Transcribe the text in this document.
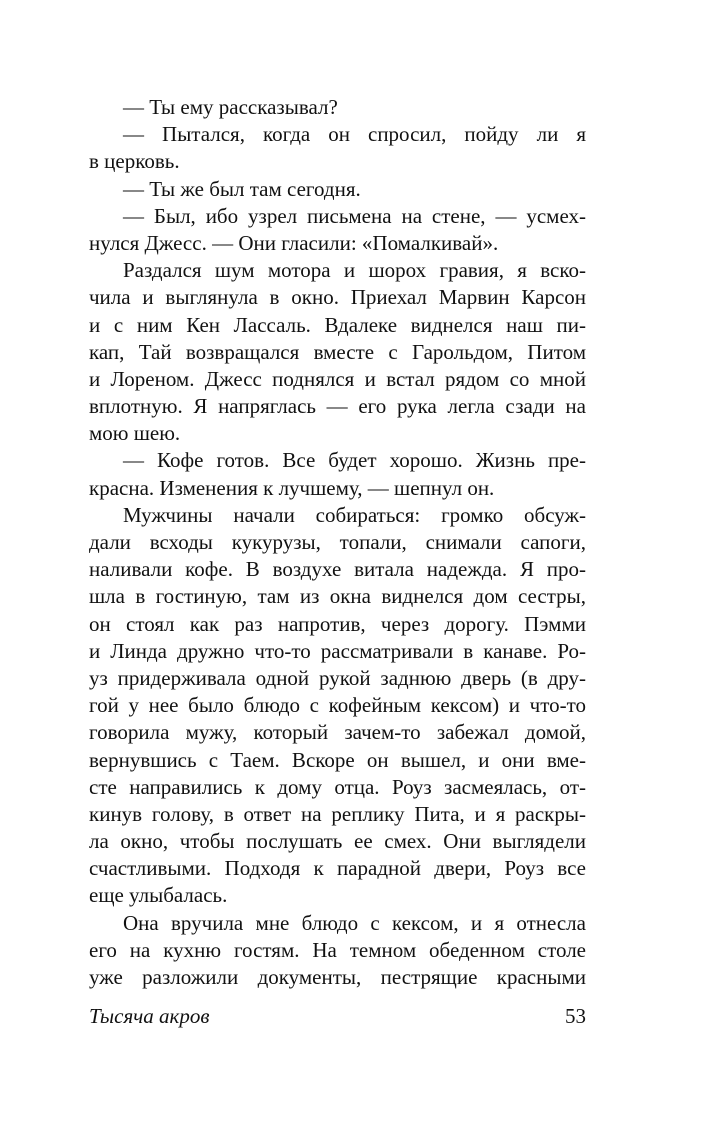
— Ты ему рассказывал?
— Пытался, когда он спросил, пойду ли я
в церковь.
— Ты же был там сегодня.
— Был, ибо узрел письмена на стене, — усмех-
нулся Джесс. — Они гласили: «Помалкивай».
Раздался шум мотора и шорох гравия, я вско-
чила и выглянула в окно. Приехал Марвин Карсон
и с ним Кен Лассаль. Вдалеке виднелся наш пи-
кап, Тай возвращался вместе с Гарольдом, Питом
и Лореном. Джесс поднялся и встал рядом со мной
вплотную. Я напряглась — его рука легла сзади на
мою шею.
— Кофе готов. Все будет хорошо. Жизнь пре-
красна. Изменения к лучшему, — шепнул он.
Мужчины начали собираться: громко обсуж-
дали всходы кукурузы, топали, снимали сапоги,
наливали кофе. В воздухе витала надежда. Я про-
шла в гостиную, там из окна виднелся дом сестры,
он стоял как раз напротив, через дорогу. Пэмми
и Линда дружно что-то рассматривали в канаве. Ро-
уз придерживала одной рукой заднюю дверь (в дру-
гой у нее было блюдо с кофейным кексом) и что-то
говорила мужу, который зачем-то забежал домой,
вернувшись с Таем. Вскоре он вышел, и они вме-
сте направились к дому отца. Роуз засмеялась, от-
кинув голову, в ответ на реплику Пита, и я раскры-
ла окно, чтобы послушать ее смех. Они выглядели
счастливыми. Подходя к парадной двери, Роуз все
еще улыбалась.
Она вручила мне блюдо с кексом, и я отнесла
его на кухню гостям. На темном обеденном столе
уже разложили документы, пестрящие красными
Тысяча акров	53
